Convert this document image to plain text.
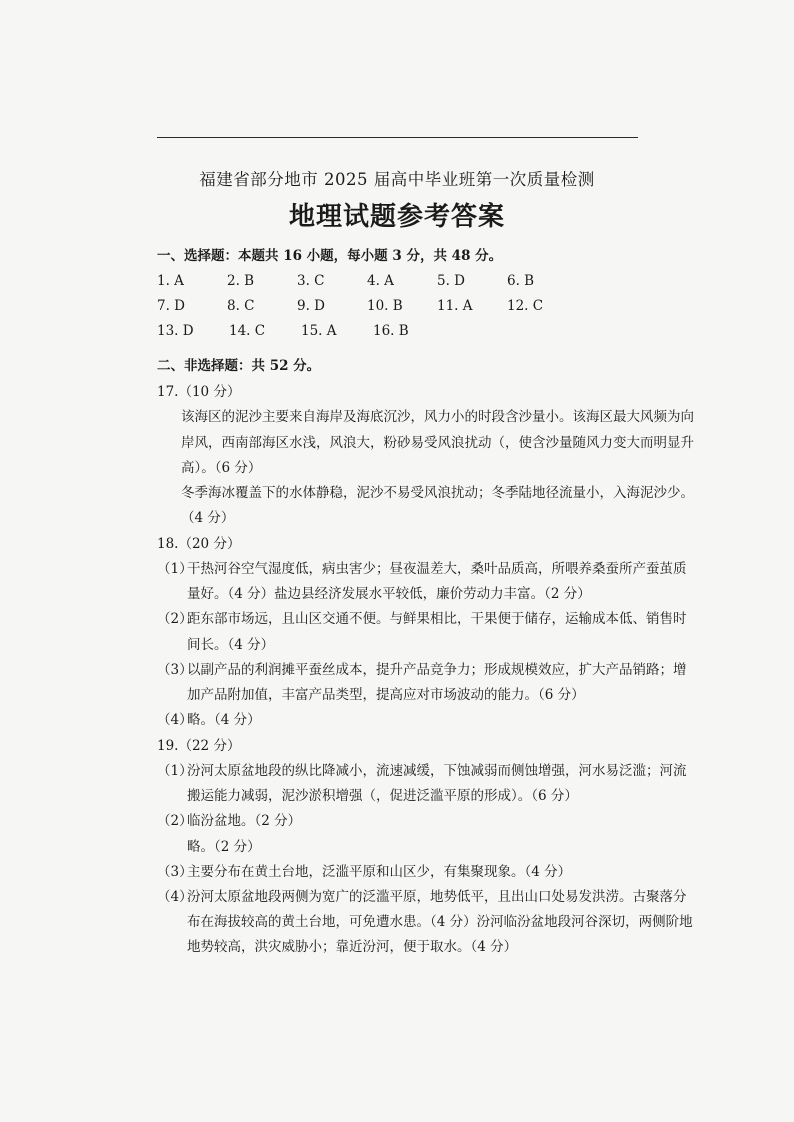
福建省部分地市 2025 届高中毕业班第一次质量检测
地理试题参考答案
一、选择题：本题共 16 小题，每小题 3 分，共 48 分。
1. A	2. B	3. C	4. A	5. D	6. B
7. D	8. C	9. D	10. B	11. A	12. C
13. D	14. C	15. A	16. B
二、非选择题：共 52 分。
17.（10 分）
该海区的泥沙主要来自海岸及海底沉沙，风力小的时段含沙量小。该海区最大风频为向
岸风，西南部海区水浅，风浪大，粉砂易受风浪扰动（，使含沙量随风力变大而明显升
高）。（6 分）
冬季海冰覆盖下的水体静稳，泥沙不易受风浪扰动；冬季陆地径流量小，入海泥沙少。
（4 分）
18.（20 分）
（1）
干热河谷空气湿度低，病虫害少；昼夜温差大，桑叶品质高，所喂养桑蚕所产蚕茧质
量好。（4 分）盐边县经济发展水平较低，廉价劳动力丰富。（2 分）
（2）
距东部市场远，且山区交通不便。与鲜果相比，干果便于储存，运输成本低、销售时
间长。（4 分）
（3）
以副产品的利润摊平蚕丝成本，提升产品竞争力；形成规模效应，扩大产品销路；增
加产品附加值，丰富产品类型，提高应对市场波动的能力。（6 分）
（4）
略。（4 分）
19.（22 分）
（1）
汾河太原盆地段的纵比降减小，流速减缓，下蚀减弱而侧蚀增强，河水易泛滥；河流
搬运能力减弱，泥沙淤积增强（，促进泛滥平原的形成）。（6 分）
（2）
临汾盆地。（2 分）
略。（2 分）
（3）
主要分布在黄土台地，泛滥平原和山区少，有集聚现象。（4 分）
（4）
汾河太原盆地段两侧为宽广的泛滥平原，地势低平，且出山口处易发洪涝。古聚落分
布在海拔较高的黄土台地，可免遭水患。（4 分）汾河临汾盆地段河谷深切，两侧阶地
地势较高，洪灾威胁小；靠近汾河，便于取水。（4 分）
